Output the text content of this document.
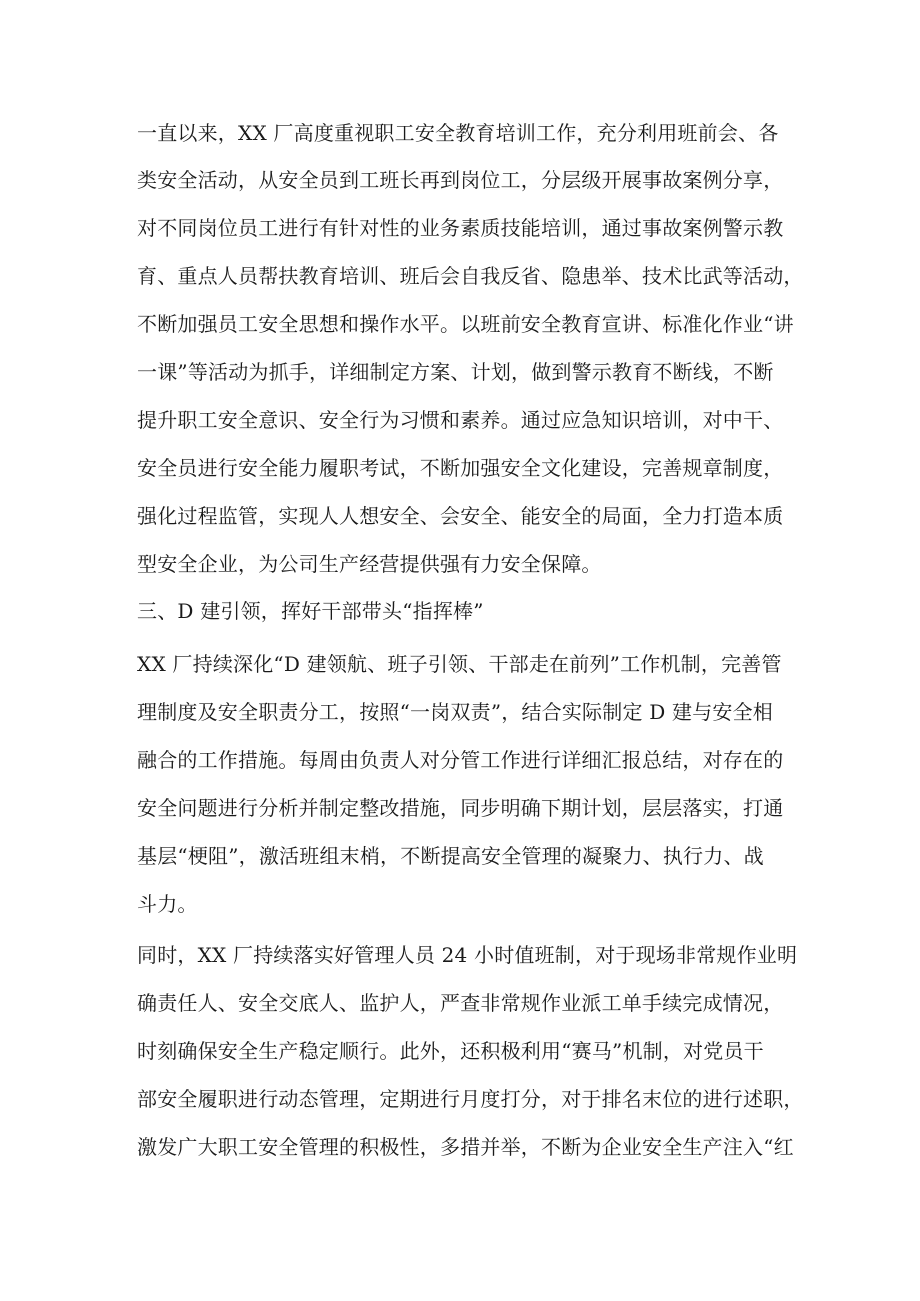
一直以来，XX 厂高度重视职工安全教育培训工作，充分利用班前会、各
类安全活动，从安全员到工班长再到岗位工，分层级开展事故案例分享，
对不同岗位员工进行有针对性的业务素质技能培训，通过事故案例警示教
育、重点人员帮扶教育培训、班后会自我反省、隐患举、技术比武等活动，
不断加强员工安全思想和操作水平。以班前安全教育宣讲、标准化作业“讲
一课”等活动为抓手，详细制定方案、计划，做到警示教育不断线，不断
提升职工安全意识、安全行为习惯和素养。通过应急知识培训，对中干、
安全员进行安全能力履职考试，不断加强安全文化建设，完善规章制度，
强化过程监管，实现人人想安全、会安全、能安全的局面，全力打造本质
型安全企业，为公司生产经营提供强有力安全保障。
三、D 建引领，挥好干部带头“指挥棒”
XX 厂持续深化“D 建领航、班子引领、干部走在前列”工作机制，完善管
理制度及安全职责分工，按照“一岗双责”，结合实际制定 D 建与安全相
融合的工作措施。每周由负责人对分管工作进行详细汇报总结，对存在的
安全问题进行分析并制定整改措施，同步明确下期计划，层层落实，打通
基层“梗阻”，激活班组末梢，不断提高安全管理的凝聚力、执行力、战
斗力。
同时，XX 厂持续落实好管理人员 24 小时值班制，对于现场非常规作业明
确责任人、安全交底人、监护人，严查非常规作业派工单手续完成情况，
时刻确保安全生产稳定顺行。此外，还积极利用“赛马”机制，对党员干
部安全履职进行动态管理，定期进行月度打分，对于排名末位的进行述职，
激发广大职工安全管理的积极性，多措并举，不断为企业安全生产注入“红
